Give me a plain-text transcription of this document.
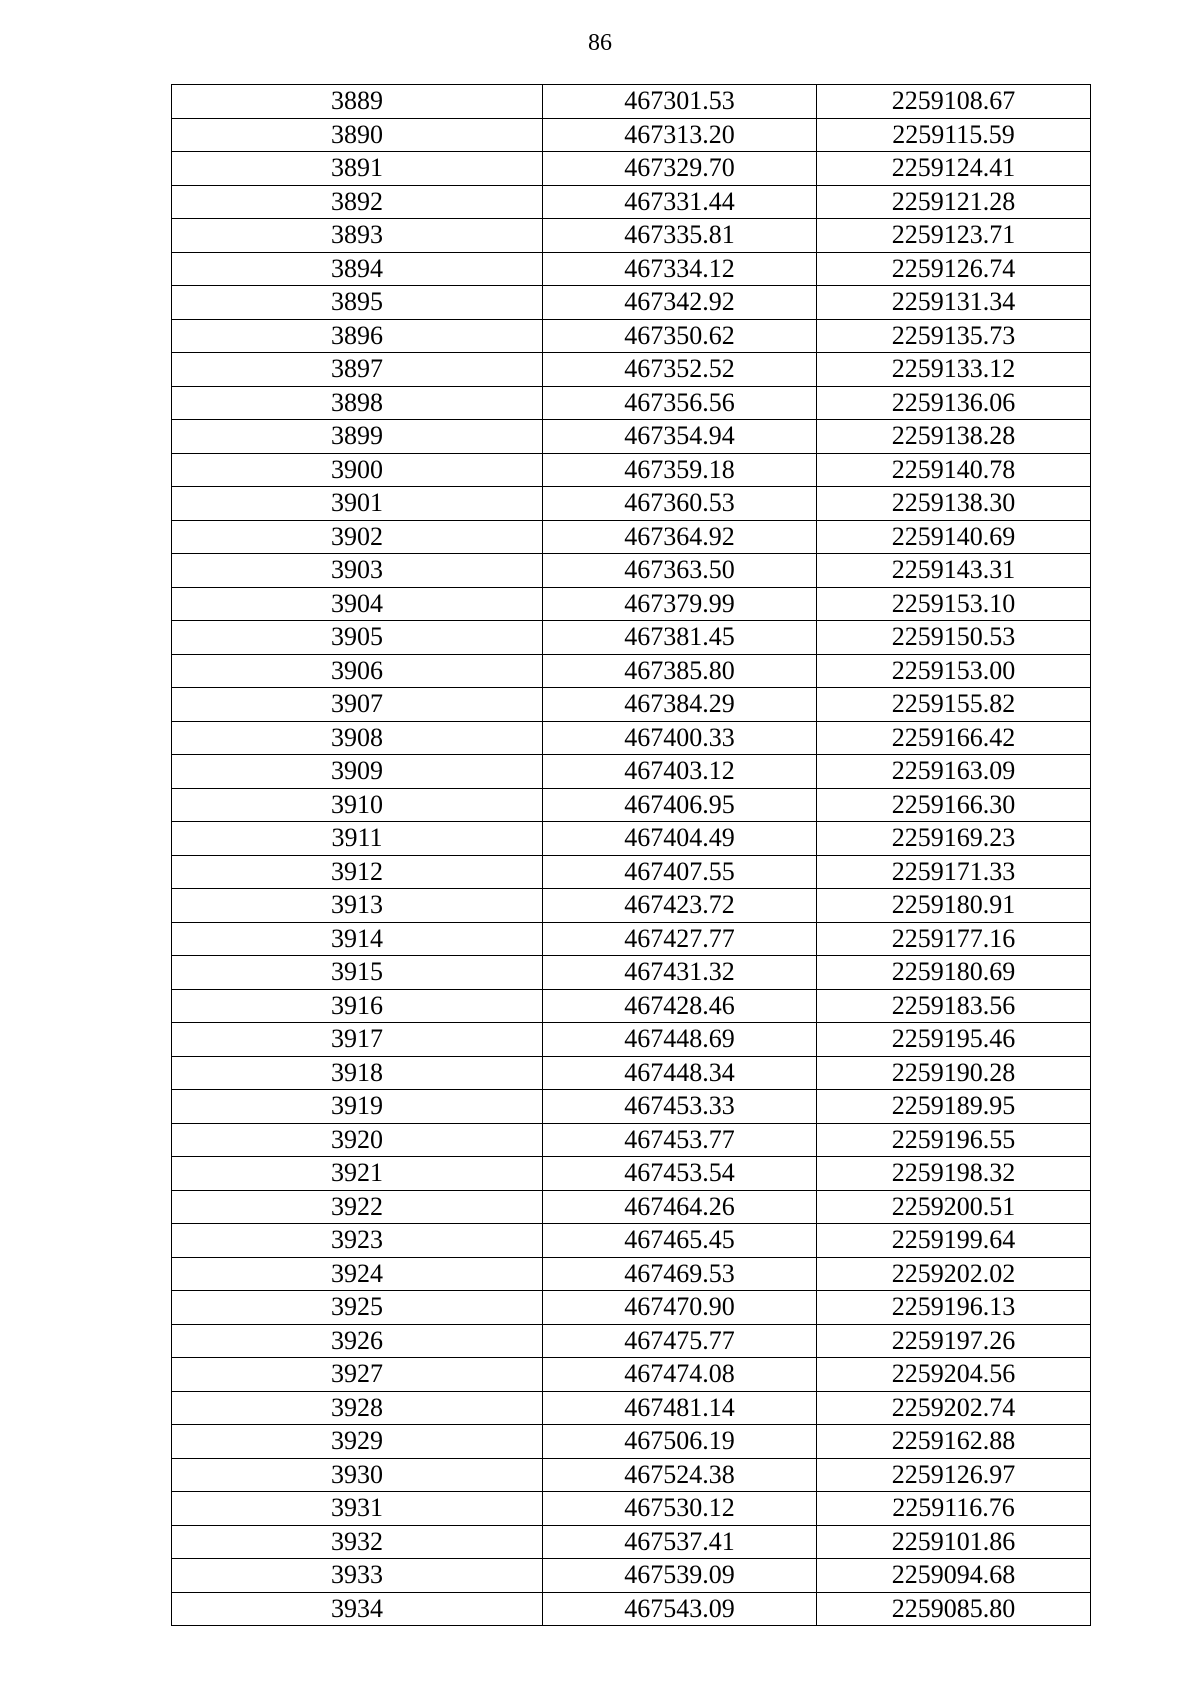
86
3889	467301.53	2259108.67
3890	467313.20	2259115.59
3891	467329.70	2259124.41
3892	467331.44	2259121.28
3893	467335.81	2259123.71
3894	467334.12	2259126.74
3895	467342.92	2259131.34
3896	467350.62	2259135.73
3897	467352.52	2259133.12
3898	467356.56	2259136.06
3899	467354.94	2259138.28
3900	467359.18	2259140.78
3901	467360.53	2259138.30
3902	467364.92	2259140.69
3903	467363.50	2259143.31
3904	467379.99	2259153.10
3905	467381.45	2259150.53
3906	467385.80	2259153.00
3907	467384.29	2259155.82
3908	467400.33	2259166.42
3909	467403.12	2259163.09
3910	467406.95	2259166.30
3911	467404.49	2259169.23
3912	467407.55	2259171.33
3913	467423.72	2259180.91
3914	467427.77	2259177.16
3915	467431.32	2259180.69
3916	467428.46	2259183.56
3917	467448.69	2259195.46
3918	467448.34	2259190.28
3919	467453.33	2259189.95
3920	467453.77	2259196.55
3921	467453.54	2259198.32
3922	467464.26	2259200.51
3923	467465.45	2259199.64
3924	467469.53	2259202.02
3925	467470.90	2259196.13
3926	467475.77	2259197.26
3927	467474.08	2259204.56
3928	467481.14	2259202.74
3929	467506.19	2259162.88
3930	467524.38	2259126.97
3931	467530.12	2259116.76
3932	467537.41	2259101.86
3933	467539.09	2259094.68
3934	467543.09	2259085.80
